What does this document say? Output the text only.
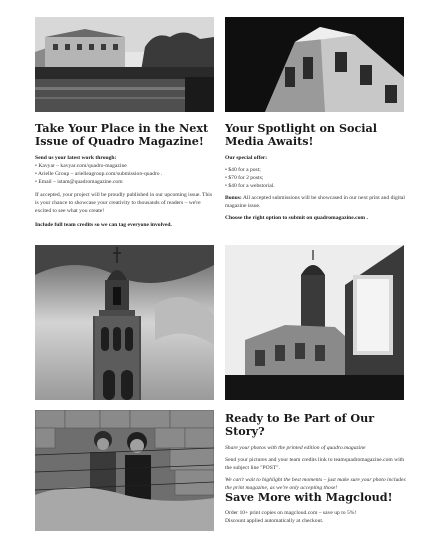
Take Your Place in the Next Issue of Quadro Magazine!

Send us your latest work through:

• Kavyar – kavyar.com/quadro-magazine

• Arielle Group – arielleagroup.com/submission-quadro .

• Email – istam@quadromagazine.com

If accepted, your project will be proudly published in our upcoming issue. This is your chance to showcase your creativity to thousands of readers – we're excited to see what you create!

Include full team credits so we can tag everyone involved.

Your Spotlight on Social Media Awaits!

Our special offer:

• $40 for a post;

• $70 for 2 posts;

• $40 for a webstorial.

Bonus: All accepted submissions will be showcased in our next print and digital magazine issue.

Choose the right option to submit on quadromagazine.com .

Ready to Be Part of Our Story?

Share your photos with the printed edition of quadro.magazine

Send your pictures and your team credits link to teamquadromagazine.com with the subject line "POST".

We can't wait to highlight the best moments – just make sure your photo includes the print magazine, as we're only accepting those!

Save More with Magcloud!

Order 10+ print copies on magcloud.com – save up to 5%!

Discount applied automatically at checkout.
